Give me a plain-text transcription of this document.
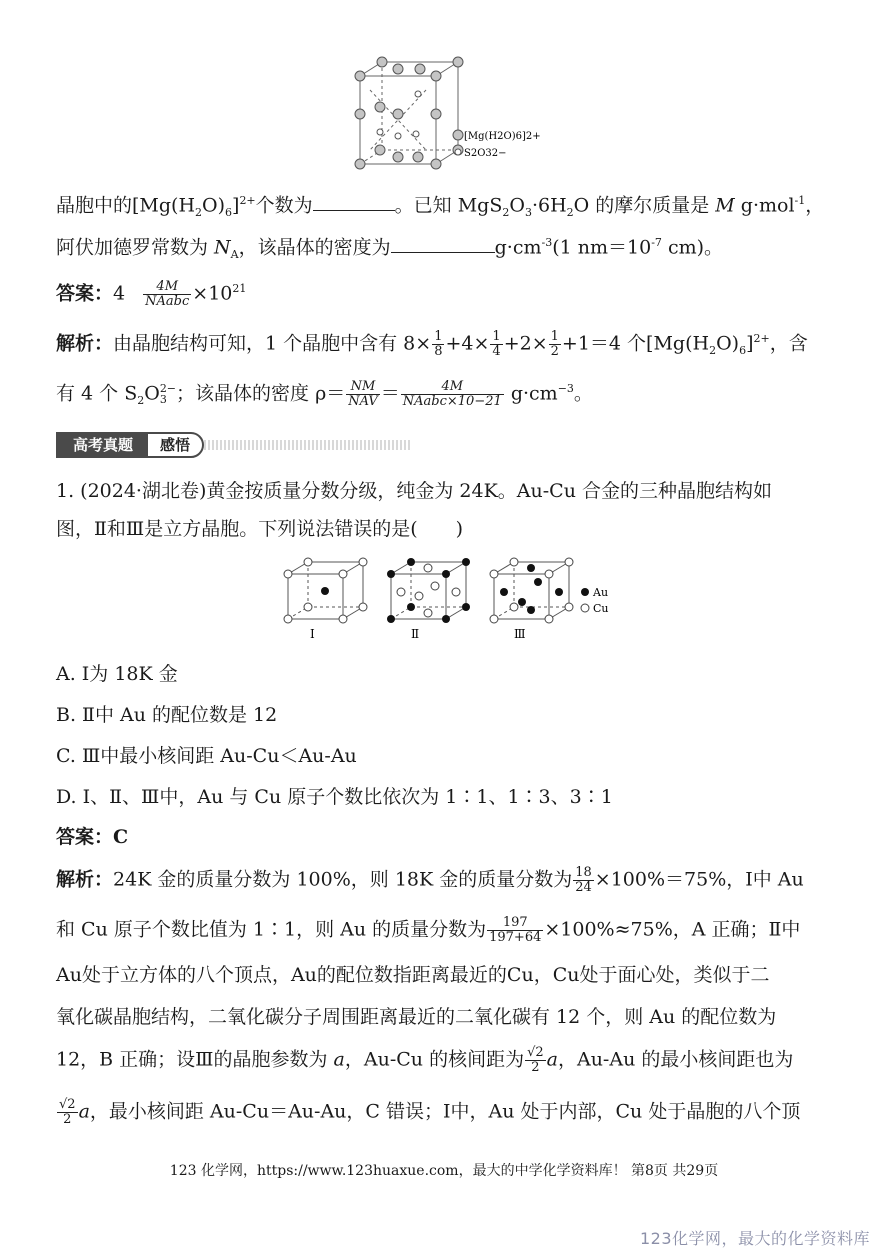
[Mg(H2O)6]2+
S2O32−
晶胞中的$[Mg(H_2O)_6]^{2+}$个数为	。已知 $MgS_2O_3\cdot 6H_2O$ 的摩尔质量是 M g·mol$^{-1}$，
阿伏加德罗常数为 $N_A$，该晶体的密度为	$g\cdot cm^{-3}(1$ $nm=10^{-7}$ cm)。
答案：$4 \frac{4M}{\text{NAabc}} \times 10^{21}$
解析：由晶胞结构可知，1 个晶胞中含有 $8\times \frac{1}{8} +4\times \frac{1}{4} +2\times \frac{1}{2} +1=4$ 个$[Mg(H_2O)_6]^{2+}$，含
有 4 个 $S_2O$ 2−
3 ；该晶体的密度 $\rho= \frac{NM}{\text{NAV}} = \frac{4M}{\text{NAabc×10−21}} g\cdot cm^{-3}$。
高考真题	感悟
1. (2024·湖北卷)黄金按质量分数分级，纯金为 24K。Au-Cu 合金的三种晶胞结构如
图，Ⅱ和Ⅲ是立方晶胞。下列说法错误的是(　　)
Ⅰ	Ⅱ	Ⅲ
Au
Cu
A. Ⅰ为 18K 金
B. Ⅱ中 Au 的配位数是 12
C. Ⅲ中最小核间距 Au-Cu＜Au-Au
D. Ⅰ、Ⅱ、Ⅲ中，Au 与 Cu 原子个数比依次为 1∶1、1∶3、3∶1
答案：C
解析：24K 金的质量分数为 100%，则 18K 金的质量分数为 $\frac{18}{24} \times 100\%=75\%$，Ⅰ中 Au
和 Cu 原子个数比值为 1∶1，则 Au 的质量分数为 $\frac{197}{197+64} \times 100\%\approx 75\%$，A 正确；Ⅱ中
Au处于立方体的八个顶点，Au的配位数指距离最近的Cu，Cu处于面心处，类似于二
氧化碳晶胞结构，二氧化碳分子周围距离最近的二氧化碳有 12 个，则 Au 的配位数为
12，B 正确；设Ⅲ的晶胞参数为 a，Au-Cu 的核间距为 $\frac{√2}{2}$ a，Au-Au 的最小核间距也为
$\frac{√2}{2}$ a，最小核间距 Au-Cu＝Au-Au，C 错误；Ⅰ中，Au 处于内部，Cu 处于晶胞的八个顶
123 化学网，https://www.123huaxue.com，最大的中学化学资料库！ 第8页 共29页
123化学网，最大的化学资料库
